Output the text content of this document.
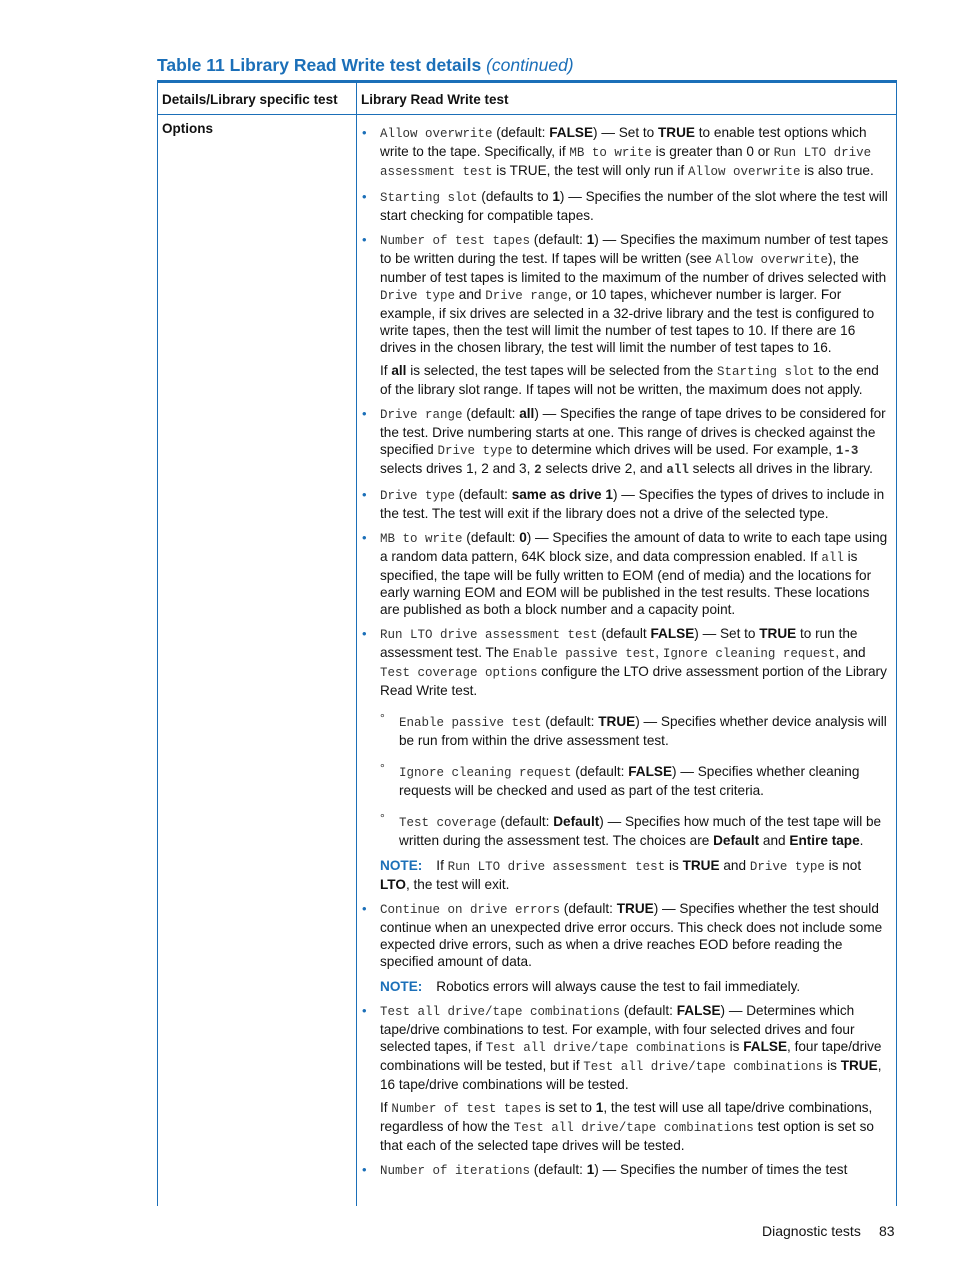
Table 11 Library Read Write test details (continued)
Details/Library specific test Library Read Write test
Options	• Allow overwrite (default: FALSE) — Set to TRUE to enable test options which write to the tape. Specifically, if MB to write is greater than 0 or Run LTO drive assessment test is TRUE, the test will only run if Allow overwrite is also true.
• Starting slot (defaults to 1) — Specifies the number of the slot where the test will start checking for compatible tapes.
• Number of test tapes (default: 1) — Specifies the maximum number of test tapes to be written during the test. If tapes will be written (see Allow overwrite), the number of test tapes is limited to the maximum of the number of drives selected with Drive type and Drive range, or 10 tapes, whichever number is larger. For example, if six drives are selected in a 32-drive library and the test is configured to write tapes, then the test will limit the number of test tapes to 10. If there are 16 drives in the chosen library, the test will limit the number of test tapes to 16.
If all is selected, the test tapes will be selected from the Starting slot to the end of the library slot range. If tapes will not be written, the maximum does not apply.
• Drive range (default: all) — Specifies the range of tape drives to be considered for the test. Drive numbering starts at one. This range of drives is checked against the specified Drive type to determine which drives will be used. For example, 1-3 selects drives 1, 2 and 3, 2 selects drive 2, and all selects all drives in the library.
• Drive type (default: same as drive 1) — Specifies the types of drives to include in the test. The test will exit if the library does not a drive of the selected type.
• MB to write (default: 0) — Specifies the amount of data to write to each tape using a random data pattern, 64K block size, and data compression enabled. If all is specified, the tape will be fully written to EOM (end of media) and the locations for early warning EOM and EOM will be published in the test results. These locations are published as both a block number and a capacity point.
• Run LTO drive assessment test (default FALSE) — Set to TRUE to run the assessment test. The Enable passive test, Ignore cleaning request, and Test coverage options configure the LTO drive assessment portion of the Library Read Write test.
° Enable passive test (default: TRUE) — Specifies whether device analysis will be run from within the drive assessment test.
° Ignore cleaning request (default: FALSE) — Specifies whether cleaning requests will be checked and used as part of the test criteria.
° Test coverage (default: Default) — Specifies how much of the test tape will be written during the assessment test. The choices are Default and Entire tape.
NOTE: If Run LTO drive assessment test is TRUE and Drive type is not LTO, the test will exit.
• Continue on drive errors (default: TRUE) — Specifies whether the test should continue when an unexpected drive error occurs. This check does not include some expected drive errors, such as when a drive reaches EOD before reading the specified amount of data.
NOTE: Robotics errors will always cause the test to fail immediately.
• Test all drive/tape combinations (default: FALSE) — Determines which tape/drive combinations to test. For example, with four selected drives and four selected tapes, if Test all drive/tape combinations is FALSE, four tape/drive combinations will be tested, but if Test all drive/tape combinations is TRUE, 16 tape/drive combinations will be tested.
If Number of test tapes is set to 1, the test will use all tape/drive combinations, regardless of how the Test all drive/tape combinations test option is set so that each of the selected tape drives will be tested.
• Number of iterations (default: 1) — Specifies the number of times the test
Diagnostic tests 83
